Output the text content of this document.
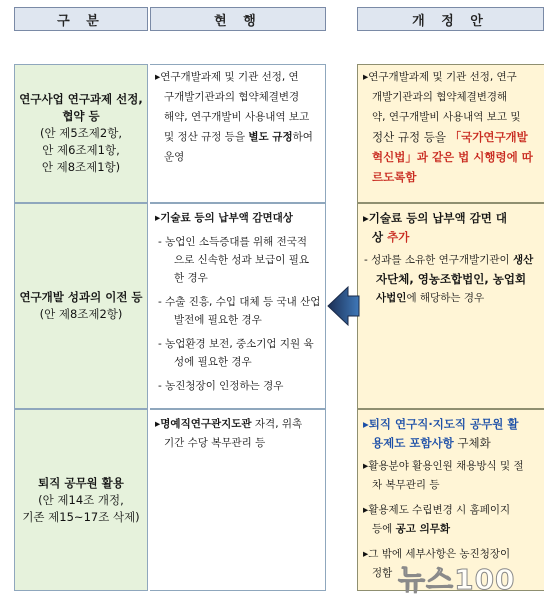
구 분	현 행	개 정 안
연구사업 연구과제 선정,
협약 등
(안 제5조제2항,
안 제6조제1항,
안 제8조제1항)
▸연구개발과제 및 기관 선정, 연
구개발기관과의 협약체결변경
해약, 연구개발비 사용내역 보고
및 정산 규정 등을 별도 규정하여
운영
▸연구개발과제 및 기관 선정, 연구
개발기관과의 협약체결변경해
약, 연구개발비 사용내역 보고 및
정산 규정 등을 「국가연구개발
혁신법」과 같은 법 시행령에 따
르도록함
연구개발 성과의 이전 등
(안 제8조제2항)
▸기술료 등의 납부액 감면대상
- 농업인 소득증대를 위해 전국적
으로 신속한 성과 보급이 필요
한 경우
- 수출 진흥, 수입 대체 등 국내 산업
발전에 필요한 경우
- 농업환경 보전, 중소기업 지원 육
성에 필요한 경우
- 농진청장이 인정하는 경우
▸기술료 등의 납부액 감면 대
상 추가
- 성과를 소유한 연구개발기관이 생산
자단체, 영농조합법인, 농업회
사법인에 해당하는 경우
퇴직 공무원 활용
(안 제14조 개정,
기존 제15~17조 삭제)
▸명예직연구관지도관 자격, 위촉
기간 수당 복무관리 등
▸퇴직 연구직·지도직 공무원 활
용제도 포함사항 구체화
▸활용분야 활용인원 채용방식 및 절
차 복무관리 등
▸활용제도 수립변경 시 홈페이지
등에 공고 의무화
▸그 밖에 세부사항은 농진청장이
정함 뉴스100
